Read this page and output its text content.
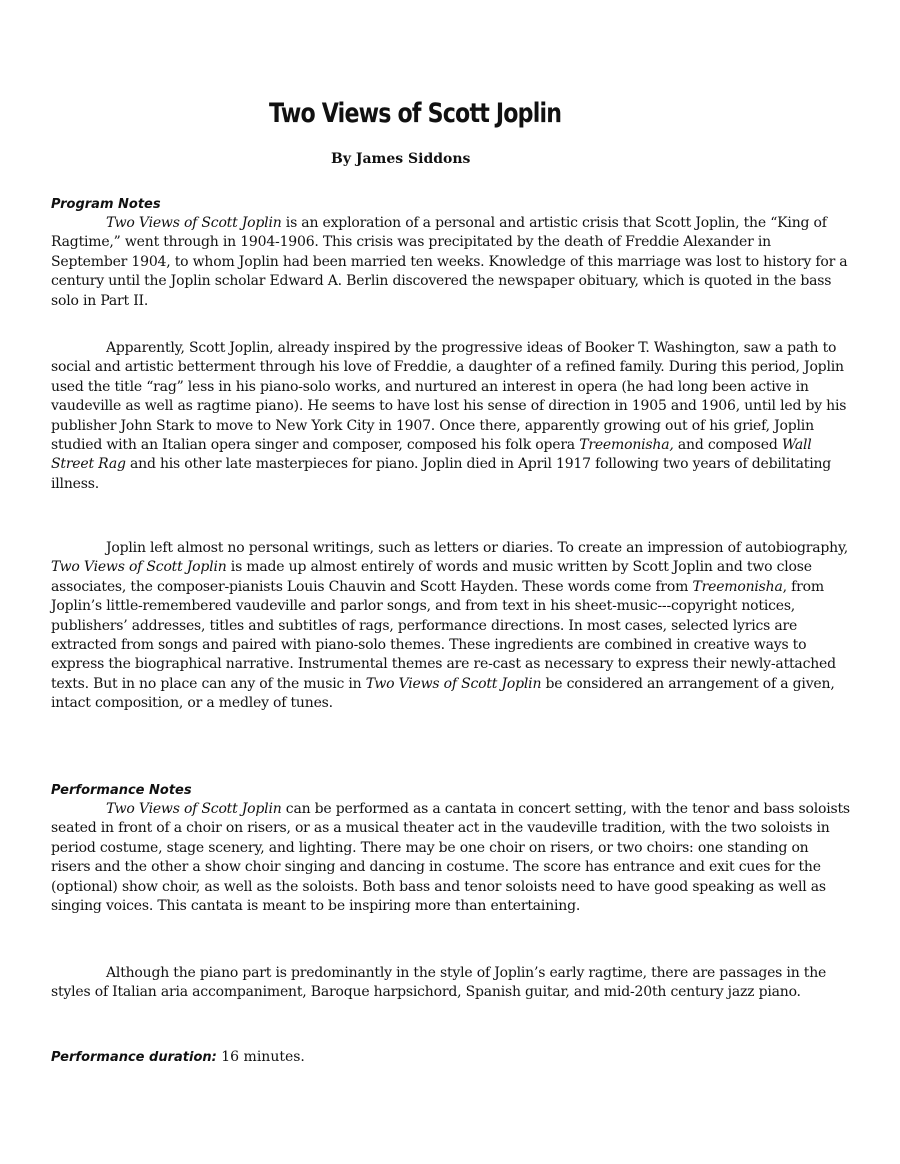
Two Views of Scott Joplin

By James Siddons

Program Notes

Two Views of Scott Joplin is an exploration of a personal and artistic crisis that Scott Joplin, the “King of Ragtime,” went through in 1904-1906. This crisis was precipitated by the death of Freddie Alexander in September 1904, to whom Joplin had been married ten weeks. Knowledge of this marriage was lost to history for a century until the Joplin scholar Edward A. Berlin discovered the newspaper obituary, which is quoted in the bass solo in Part II.

Apparently, Scott Joplin, already inspired by the progressive ideas of Booker T. Washington, saw a path to social and artistic betterment through his love of Freddie, a daughter of a refined family. During this period, Joplin used the title “rag” less in his piano-solo works, and nurtured an interest in opera (he had long been active in vaudeville as well as ragtime piano). He seems to have lost his sense of direction in 1905 and 1906, until led by his publisher John Stark to move to New York City in 1907. Once there, apparently growing out of his grief, Joplin studied with an Italian opera singer and composer, composed his folk opera Treemonisha, and composed Wall Street Rag and his other late masterpieces for piano. Joplin died in April 1917 following two years of debilitating illness.

Joplin left almost no personal writings, such as letters or diaries. To create an impression of autobiography, Two Views of Scott Joplin is made up almost entirely of words and music written by Scott Joplin and two close associates, the composer-pianists Louis Chauvin and Scott Hayden. These words come from Treemonisha, from Joplin’s little-remembered vaudeville and parlor songs, and from text in his sheet-music---copyright notices, publishers’ addresses, titles and subtitles of rags, performance directions. In most cases, selected lyrics are extracted from songs and paired with piano-solo themes. These ingredients are combined in creative ways to express the biographical narrative. Instrumental themes are re-cast as necessary to express their newly-attached texts. But in no place can any of the music in Two Views of Scott Joplin be considered an arrangement of a given, intact composition, or a medley of tunes.

Performance Notes

Two Views of Scott Joplin can be performed as a cantata in concert setting, with the tenor and bass soloists seated in front of a choir on risers, or as a musical theater act in the vaudeville tradition, with the two soloists in period costume, stage scenery, and lighting. There may be one choir on risers, or two choirs: one standing on risers and the other a show choir singing and dancing in costume. The score has entrance and exit cues for the (optional) show choir, as well as the soloists. Both bass and tenor soloists need to have good speaking as well as singing voices. This cantata is meant to be inspiring more than entertaining.

Although the piano part is predominantly in the style of Joplin’s early ragtime, there are passages in the styles of Italian aria accompaniment, Baroque harpsichord, Spanish guitar, and mid-20th century jazz piano.

Performance duration: 16 minutes.
